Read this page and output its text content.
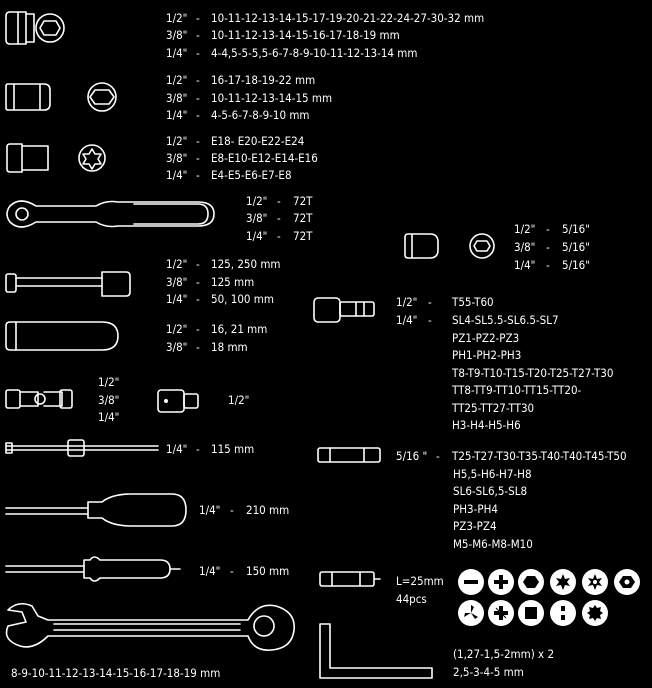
1/2" - 10-11-12-13-14-15-17-19-20-21-22-24-27-30-32 mm
3/8" - 10-11-12-13-14-15-16-17-18-19 mm
1/4" - 4-4,5-5-5,5-6-7-8-9-10-11-12-13-14 mm
1/2" - 16-17-18-19-22 mm
3/8" - 10-11-12-13-14-15 mm
1/4" - 4-5-6-7-8-9-10 mm
1/2" - E18- E20-E22-E24
3/8" - E8-E10-E12-E14-E16
1/4" - E4-E5-E6-E7-E8
1/2" - 72T
3/8" - 72T
1/4" - 72T
1/2" - 125, 250 mm
3/8" - 125 mm
1/4" - 50, 100 mm
1/2" - 16, 21 mm
3/8" - 18 mm
1/2"
3/8"
1/4"
1/2"
1/4" - 115 mm
1/4" - 210 mm
1/4" - 150 mm
8-9-10-11-12-13-14-15-16-17-18-19 mm
1/2" - 5/16"
3/8" - 5/16"
1/4" - 5/16"
1/2" - T55-T60
1/4" - SL4-SL5.5-SL6.5-SL7
PZ1-PZ2-PZ3
PH1-PH2-PH3
T8-T9-T10-T15-T20-T25-T27-T30
TT8-TT9-TT10-TT15-TT20-
TT25-TT27-TT30
H3-H4-H5-H6
5/16 " - T25-T27-T30-T35-T40-T40-T45-T50
H5,5-H6-H7-H8
SL6-SL6,5-SL8
PH3-PH4
PZ3-PZ4
M5-M6-M8-M10
L=25mm
44pcs
(1,27-1,5-2mm) x 2
2,5-3-4-5 mm
